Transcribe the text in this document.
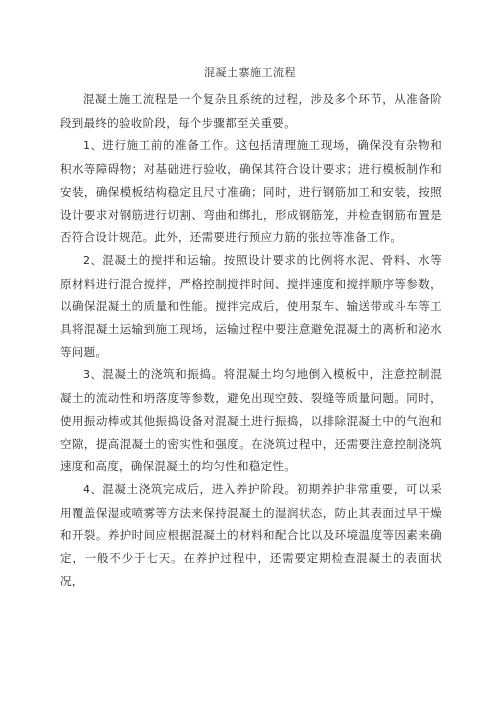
混凝土寨施工流程

混凝土施工流程是一个复杂且系统的过程，涉及多个环节，从准备阶段到最终的验收阶段，每个步骤都至关重要。

1、进行施工前的准备工作。这包括清理施工现场，确保没有杂物和积水等障碍物；对基础进行验收，确保其符合设计要求；进行模板制作和安装，确保模板结构稳定且尺寸准确；同时，进行钢筋加工和安装，按照设计要求对钢筋进行切割、弯曲和绑扎，形成钢筋笼，并检查钢筋布置是否符合设计规范。此外，还需要进行预应力筋的张拉等准备工作。

2、混凝土的搅拌和运输。按照设计要求的比例将水泥、骨料、水等原材料进行混合搅拌，严格控制搅拌时间、搅拌速度和搅拌顺序等参数，以确保混凝土的质量和性能。搅拌完成后，使用泵车、输送带或斗车等工具将混凝土运输到施工现场，运输过程中要注意避免混凝土的离析和泌水等问题。

3、混凝土的浇筑和振捣。将混凝土均匀地倒入模板中，注意控制混凝土的流动性和坍落度等参数，避免出现空鼓、裂缝等质量问题。同时，使用振动棒或其他振捣设备对混凝土进行振捣，以排除混凝土中的气泡和空隙，提高混凝土的密实性和强度。在浇筑过程中，还需要注意控制浇筑速度和高度，确保混凝土的均匀性和稳定性。

4、混凝土浇筑完成后，进入养护阶段。初期养护非常重要，可以采用覆盖保湿或喷雾等方法来保持混凝土的湿润状态，防止其表面过早干燥和开裂。养护时间应根据混凝土的材料和配合比以及环境温度等因素来确定，一般不少于七天。在养护过程中，还需要定期检查混凝土的表面状况，
